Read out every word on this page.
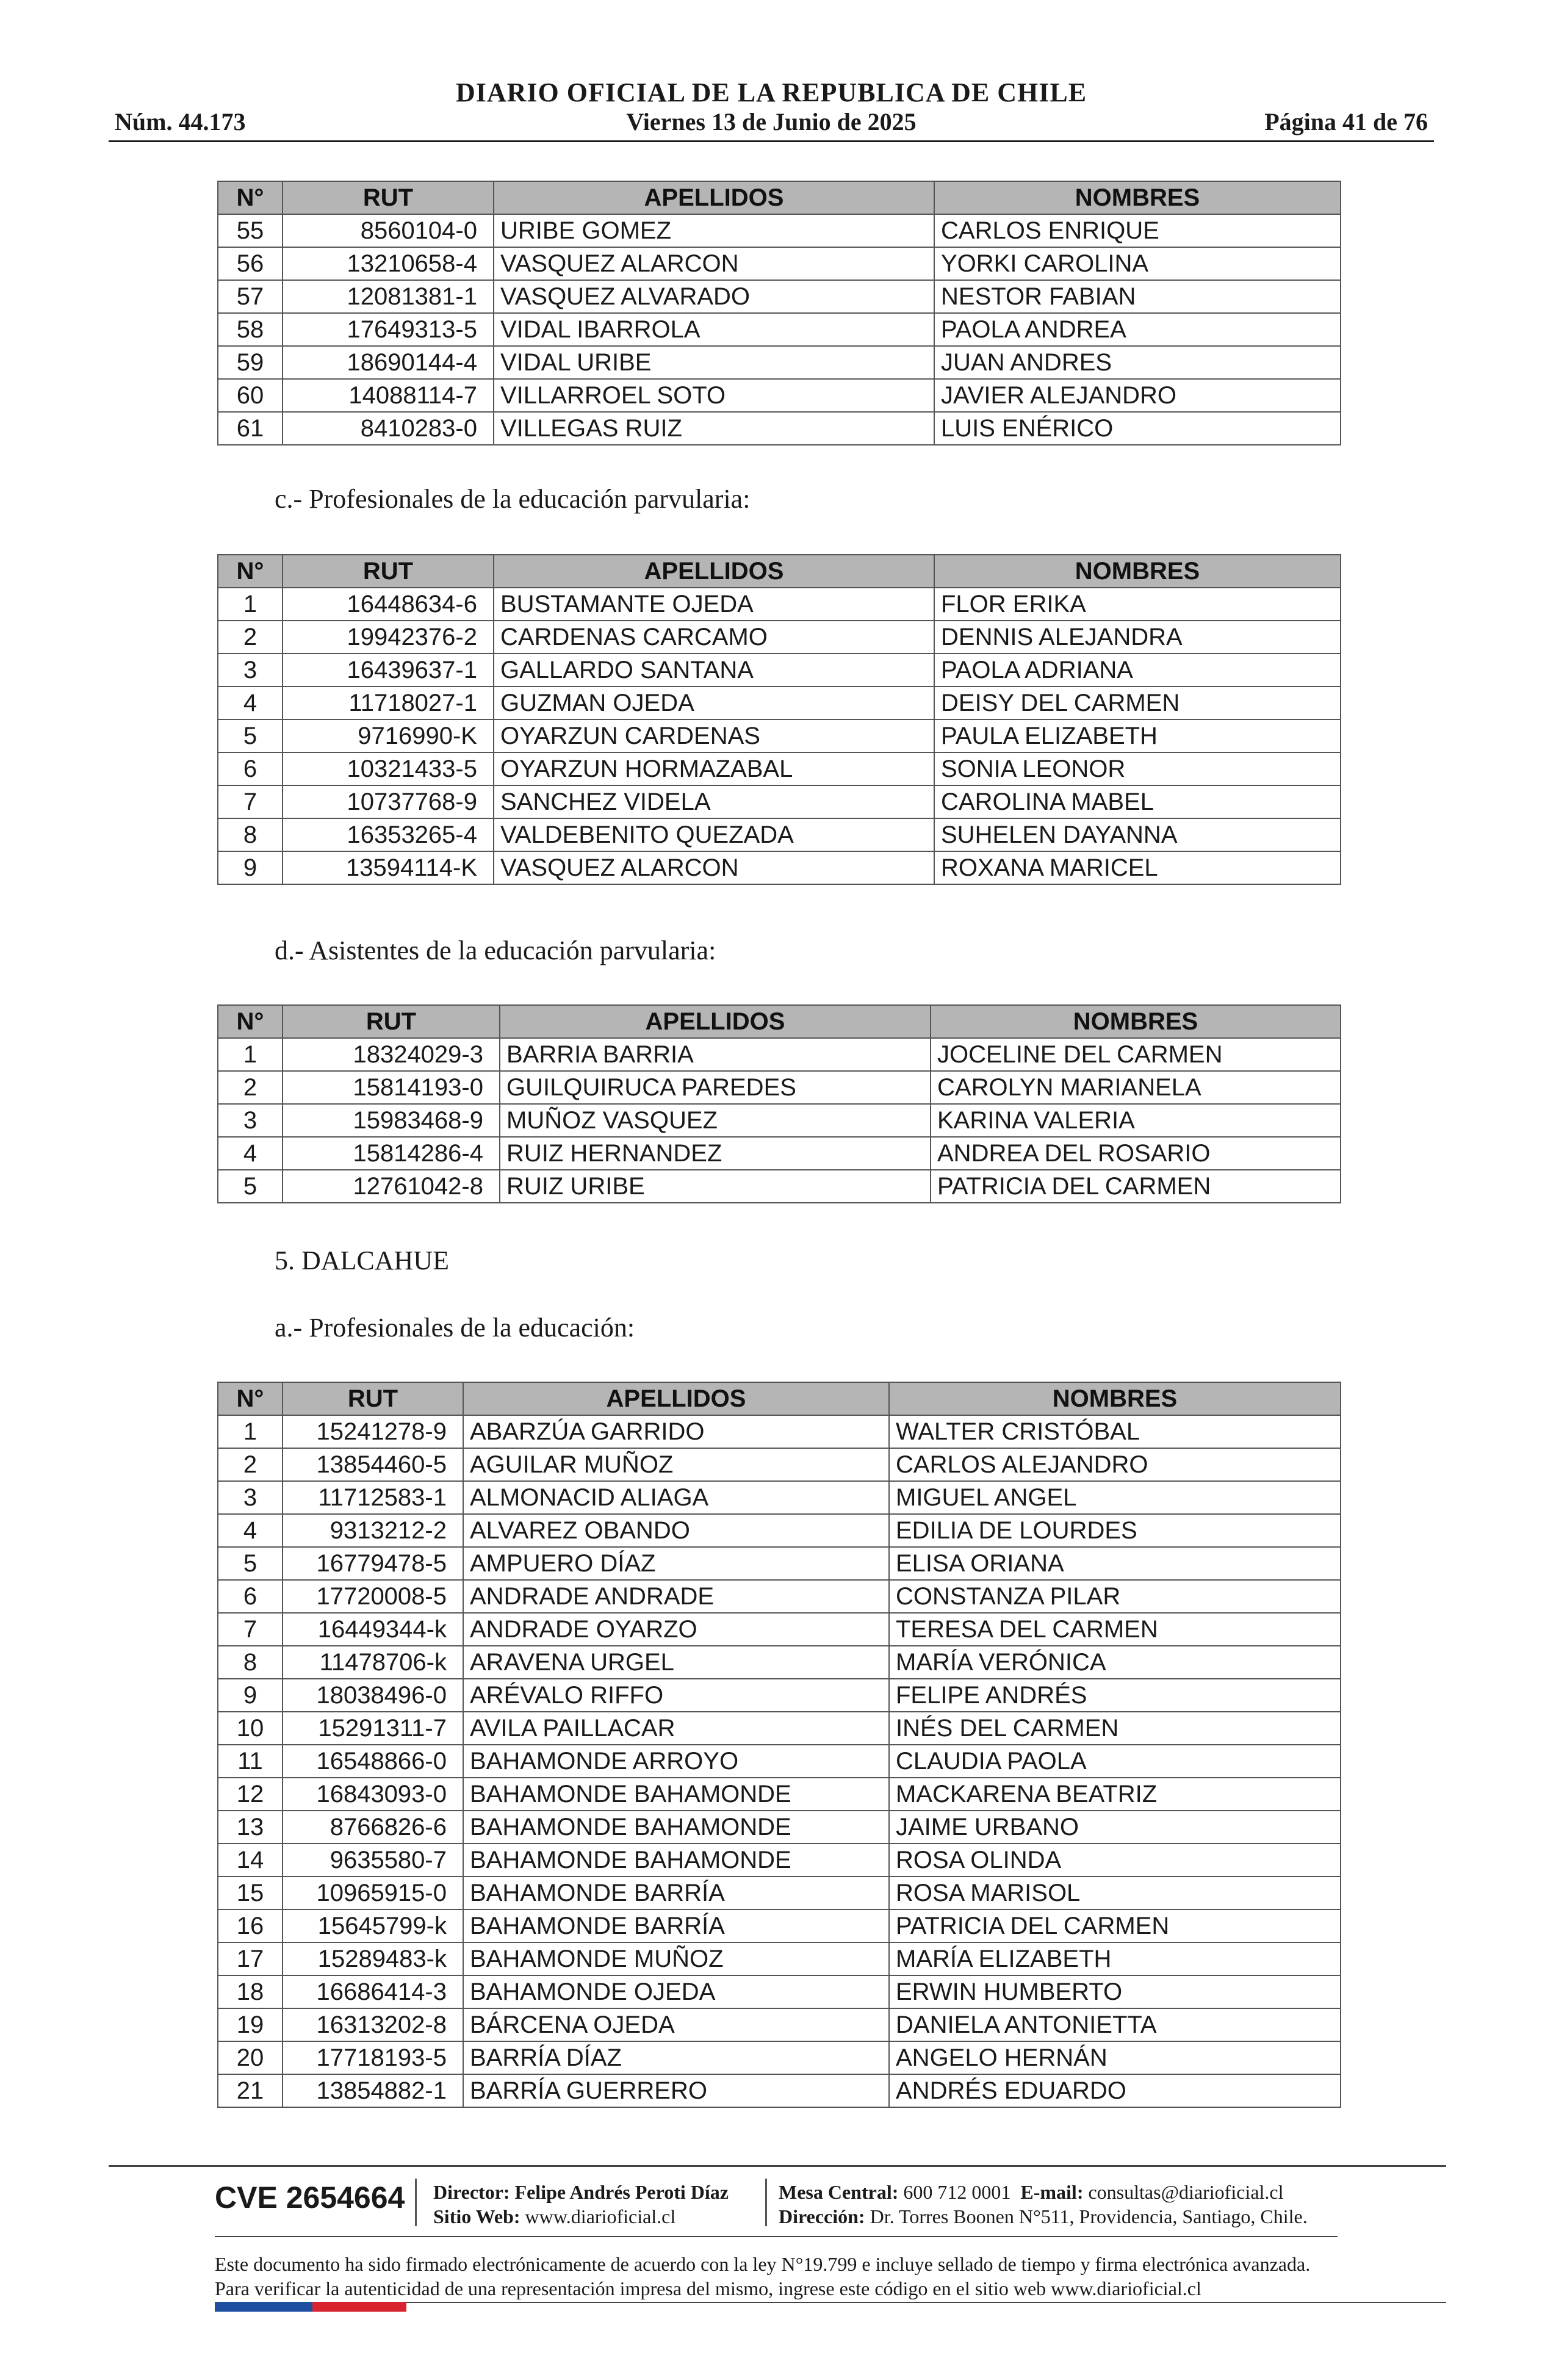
DIARIO OFICIAL DE LA REPUBLICA DE CHILE
Núm. 44.173	Viernes 13 de Junio de 2025	Página 41 de 76
N°	RUT	APELLIDOS	NOMBRES
55	8560104-0	URIBE GOMEZ	CARLOS ENRIQUE
56	13210658-4	VASQUEZ ALARCON	YORKI CAROLINA
57	12081381-1	VASQUEZ ALVARADO	NESTOR FABIAN
58	17649313-5	VIDAL IBARROLA	PAOLA ANDREA
59	18690144-4	VIDAL URIBE	JUAN ANDRES
60	14088114-7	VILLARROEL SOTO	JAVIER ALEJANDRO
61	8410283-0	VILLEGAS RUIZ	LUIS ENÉRICO
c.- Profesionales de la educación parvularia:
N°	RUT	APELLIDOS	NOMBRES
1	16448634-6	BUSTAMANTE OJEDA	FLOR ERIKA
2	19942376-2	CARDENAS CARCAMO	DENNIS ALEJANDRA
3	16439637-1	GALLARDO SANTANA	PAOLA ADRIANA
4	11718027-1	GUZMAN OJEDA	DEISY DEL CARMEN
5	9716990-K	OYARZUN CARDENAS	PAULA ELIZABETH
6	10321433-5	OYARZUN HORMAZABAL	SONIA LEONOR
7	10737768-9	SANCHEZ VIDELA	CAROLINA MABEL
8	16353265-4	VALDEBENITO QUEZADA	SUHELEN DAYANNA
9	13594114-K	VASQUEZ ALARCON	ROXANA MARICEL
d.- Asistentes de la educación parvularia:
N°	RUT	APELLIDOS	NOMBRES
1	18324029-3	BARRIA BARRIA	JOCELINE DEL CARMEN
2	15814193-0	GUILQUIRUCA PAREDES	CAROLYN MARIANELA
3	15983468-9	MUÑOZ VASQUEZ	KARINA VALERIA
4	15814286-4	RUIZ HERNANDEZ	ANDREA DEL ROSARIO
5	12761042-8	RUIZ URIBE	PATRICIA DEL CARMEN
5. DALCAHUE
a.- Profesionales de la educación:
N°	RUT	APELLIDOS	NOMBRES
1	15241278-9	ABARZÚA GARRIDO	WALTER CRISTÓBAL
2	13854460-5	AGUILAR MUÑOZ	CARLOS ALEJANDRO
3	11712583-1	ALMONACID ALIAGA	MIGUEL ANGEL
4	9313212-2	ALVAREZ OBANDO	EDILIA DE LOURDES
5	16779478-5	AMPUERO DÍAZ	ELISA ORIANA
6	17720008-5	ANDRADE ANDRADE	CONSTANZA PILAR
7	16449344-k	ANDRADE OYARZO	TERESA DEL CARMEN
8	11478706-k	ARAVENA URGEL	MARÍA VERÓNICA
9	18038496-0	ARÉVALO RIFFO	FELIPE ANDRÉS
10	15291311-7	AVILA PAILLACAR	INÉS DEL CARMEN
11	16548866-0	BAHAMONDE ARROYO	CLAUDIA PAOLA
12	16843093-0	BAHAMONDE BAHAMONDE	MACKARENA BEATRIZ
13	8766826-6	BAHAMONDE BAHAMONDE	JAIME URBANO
14	9635580-7	BAHAMONDE BAHAMONDE	ROSA OLINDA
15	10965915-0	BAHAMONDE BARRÍA	ROSA MARISOL
16	15645799-k	BAHAMONDE BARRÍA	PATRICIA DEL CARMEN
17	15289483-k	BAHAMONDE MUÑOZ	MARÍA ELIZABETH
18	16686414-3	BAHAMONDE OJEDA	ERWIN HUMBERTO
19	16313202-8	BÁRCENA OJEDA	DANIELA ANTONIETTA
20	17718193-5	BARRÍA DÍAZ	ANGELO HERNÁN
21	13854882-1	BARRÍA GUERRERO	ANDRÉS EDUARDO
CVE 2654664 Director: Felipe Andrés Peroti Díaz
Sitio Web: www.diarioficial.cl
Mesa Central: 600 712 0001 E-mail: consultas@diarioficial.cl
Dirección: Dr. Torres Boonen N°511, Providencia, Santiago, Chile.
Este documento ha sido firmado electrónicamente de acuerdo con la ley N°19.799 e incluye sellado de tiempo y firma electrónica avanzada. Para verificar la autenticidad de una representación impresa del mismo, ingrese este código en el sitio web www.diarioficial.cl
